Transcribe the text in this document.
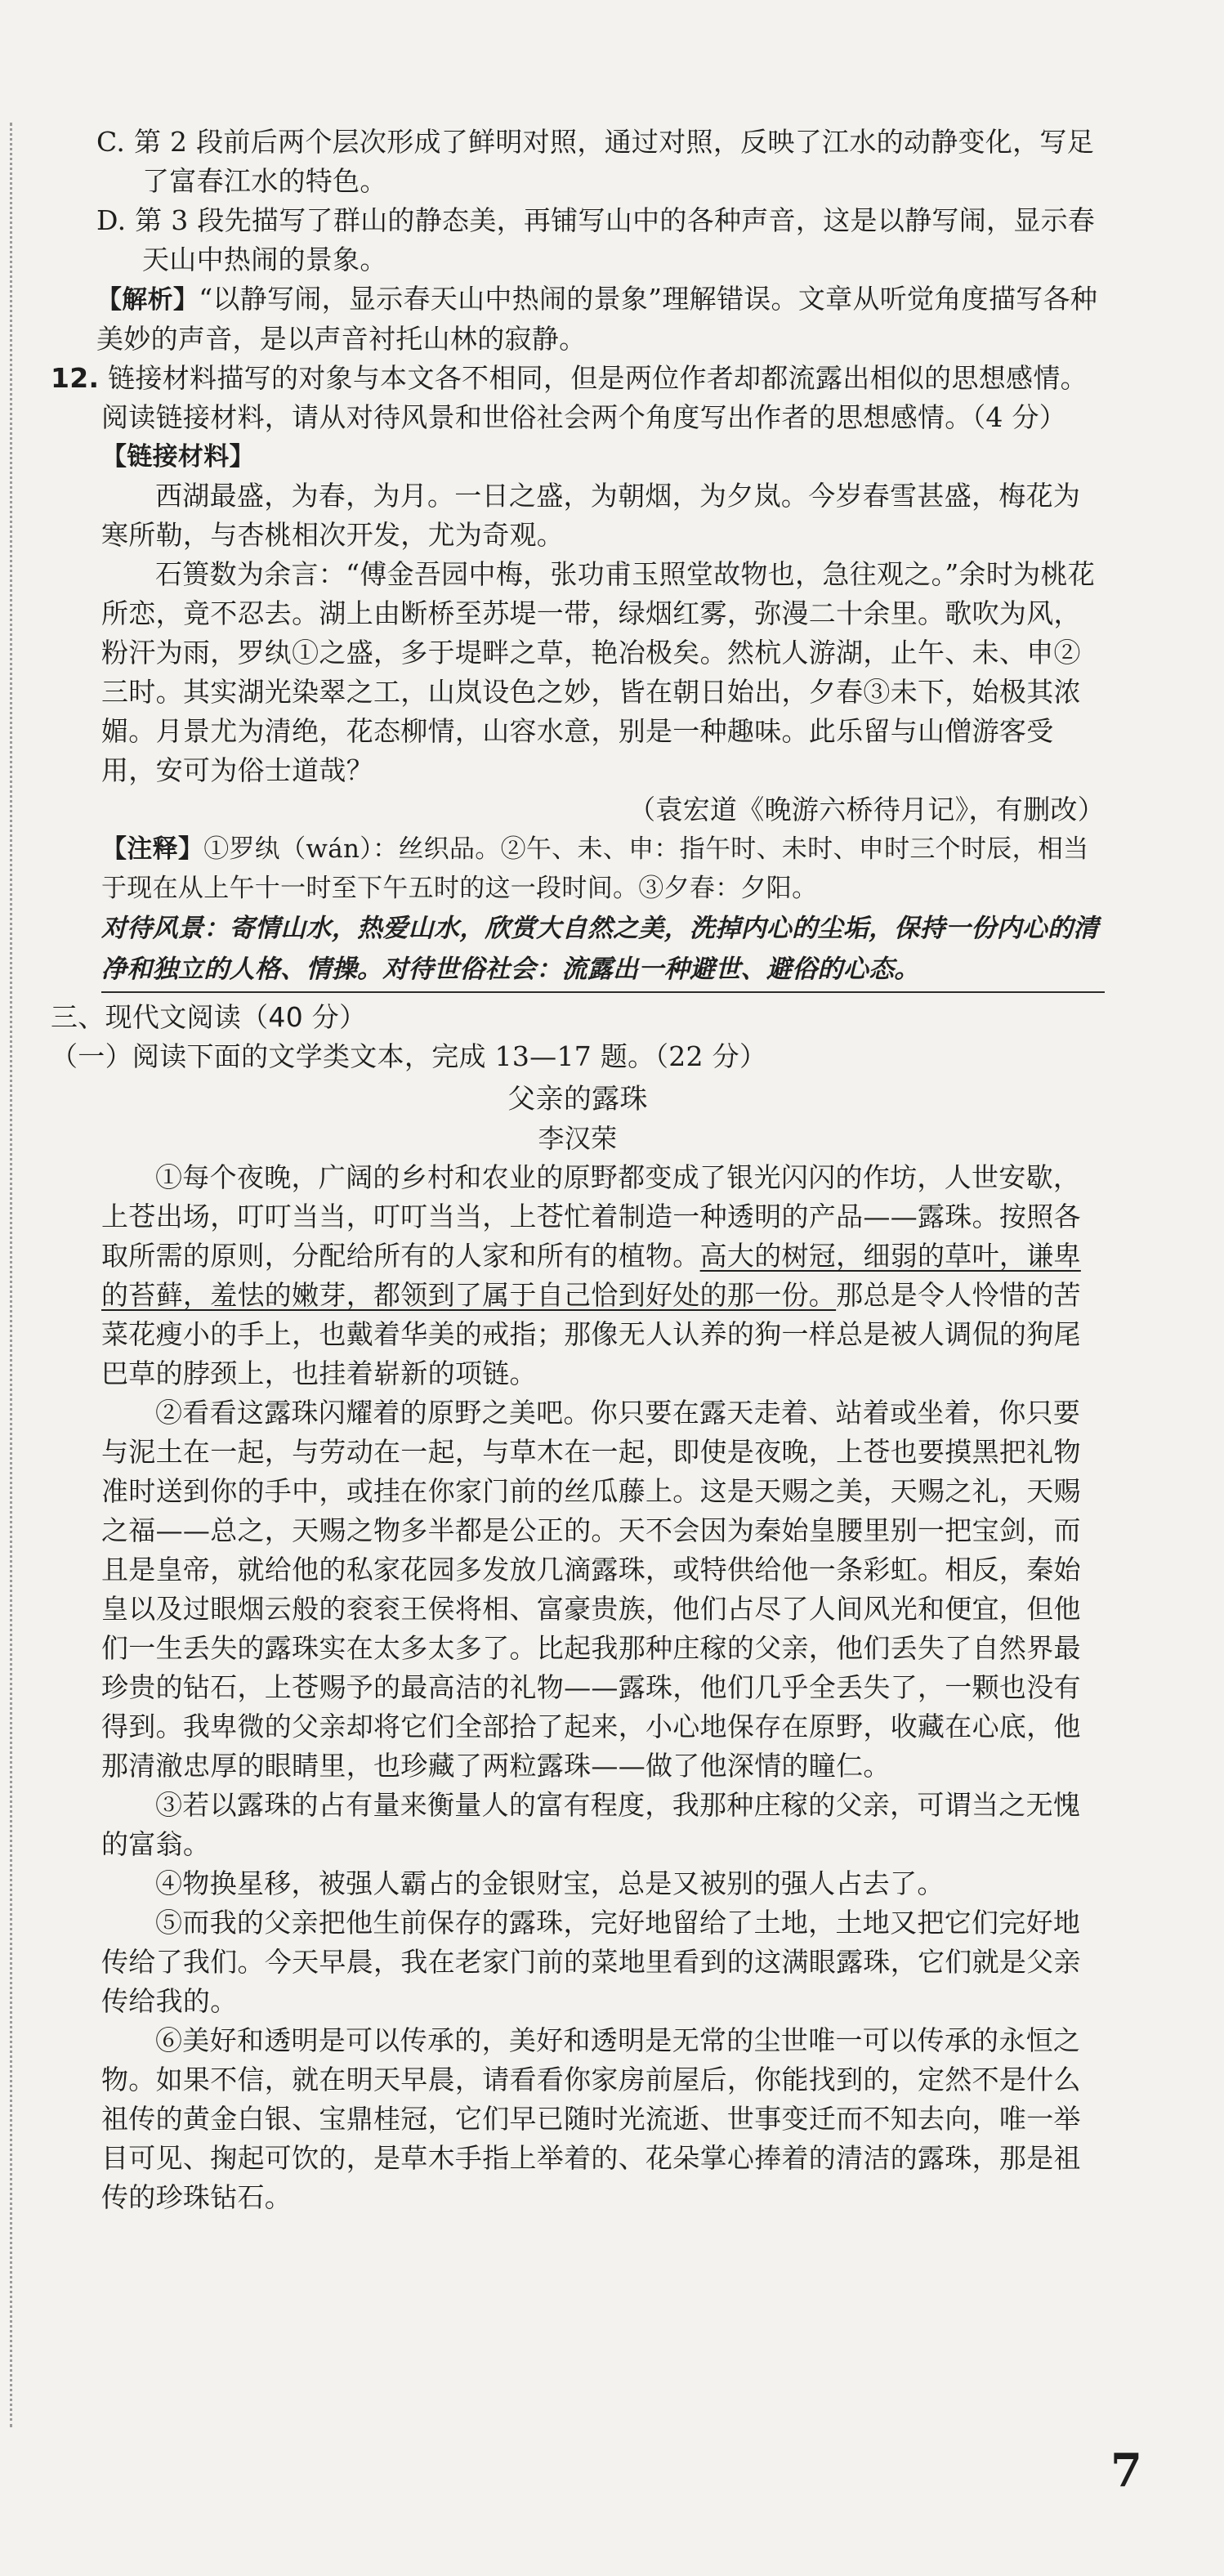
C. 第 2 段前后两个层次形成了鲜明对照，通过对照，反映了江水的动静变化，写足了富春江水的特色。

D. 第 3 段先描写了群山的静态美，再铺写山中的各种声音，这是以静写闹，显示春天山中热闹的景象。

【解析】“以静写闹，显示春天山中热闹的景象”理解错误。文章从听觉角度描写各种美妙的声音，是以声音衬托山林的寂静。

12. 链接材料描写的对象与本文各不相同，但是两位作者却都流露出相似的思想感情。阅读链接材料，请从对待风景和世俗社会两个角度写出作者的思想感情。（4 分）

【链接材料】

西湖最盛，为春，为月。一日之盛，为朝烟，为夕岚。今岁春雪甚盛，梅花为寒所勒，与杏桃相次开发，尤为奇观。

石篑数为余言：“傅金吾园中梅，张功甫玉照堂故物也，急往观之。”余时为桃花所恋，竟不忍去。湖上由断桥至苏堤一带，绿烟红雾，弥漫二十余里。歌吹为风，粉汗为雨，罗纨①之盛，多于堤畔之草，艳冶极矣。然杭人游湖，止午、未、申②三时。其实湖光染翠之工，山岚设色之妙，皆在朝日始出，夕春③未下，始极其浓媚。月景尤为清绝，花态柳情，山容水意，别是一种趣味。此乐留与山僧游客受用，安可为俗士道哉？

（袁宏道《晚游六桥待月记》，有删改）

【注释】①罗纨（wán）：丝织品。②午、未、申：指午时、未时、申时三个时辰，相当于现在从上午十一时至下午五时的这一段时间。③夕春：夕阳。

对待风景：寄情山水，热爱山水，欣赏大自然之美，洗掉内心的尘垢，保持一份内心的清净和独立的人格、情操。对待世俗社会：流露出一种避世、避俗的心态。

三、现代文阅读（40 分）

（一）阅读下面的文学类文本，完成 13—17 题。（22 分）

父亲的露珠

李汉荣

①每个夜晚，广阔的乡村和农业的原野都变成了银光闪闪的作坊，人世安歇，上苍出场，叮叮当当，叮叮当当，上苍忙着制造一种透明的产品——露珠。按照各取所需的原则，分配给所有的人家和所有的植物。高大的树冠，细弱的草叶，谦卑的苔藓，羞怯的嫩芽，都领到了属于自己恰到好处的那一份。那总是令人怜惜的苦菜花瘦小的手上，也戴着华美的戒指；那像无人认养的狗一样总是被人调侃的狗尾巴草的脖颈上，也挂着崭新的项链。

②看看这露珠闪耀着的原野之美吧。你只要在露天走着、站着或坐着，你只要与泥土在一起，与劳动在一起，与草木在一起，即使是夜晚，上苍也要摸黑把礼物准时送到你的手中，或挂在你家门前的丝瓜藤上。这是天赐之美，天赐之礼，天赐之福——总之，天赐之物多半都是公正的。天不会因为秦始皇腰里别一把宝剑，而且是皇帝，就给他的私家花园多发放几滴露珠，或特供给他一条彩虹。相反，秦始皇以及过眼烟云般的衮衮王侯将相、富豪贵族，他们占尽了人间风光和便宜，但他们一生丢失的露珠实在太多太多了。比起我那种庄稼的父亲，他们丢失了自然界最珍贵的钻石，上苍赐予的最高洁的礼物——露珠，他们几乎全丢失了，一颗也没有得到。我卑微的父亲却将它们全部拾了起来，小心地保存在原野，收藏在心底，他那清澈忠厚的眼睛里，也珍藏了两粒露珠——做了他深情的瞳仁。

③若以露珠的占有量来衡量人的富有程度，我那种庄稼的父亲，可谓当之无愧的富翁。

④物换星移，被强人霸占的金银财宝，总是又被别的强人占去了。

⑤而我的父亲把他生前保存的露珠，完好地留给了土地，土地又把它们完好地传给了我们。今天早晨，我在老家门前的菜地里看到的这满眼露珠，它们就是父亲传给我的。

⑥美好和透明是可以传承的，美好和透明是无常的尘世唯一可以传承的永恒之物。如果不信，就在明天早晨，请看看你家房前屋后，你能找到的，定然不是什么祖传的黄金白银、宝鼎桂冠，它们早已随时光流逝、世事变迁而不知去向，唯一举目可见、掬起可饮的，是草木手指上举着的、花朵掌心捧着的清洁的露珠，那是祖传的珍珠钻石。

7
